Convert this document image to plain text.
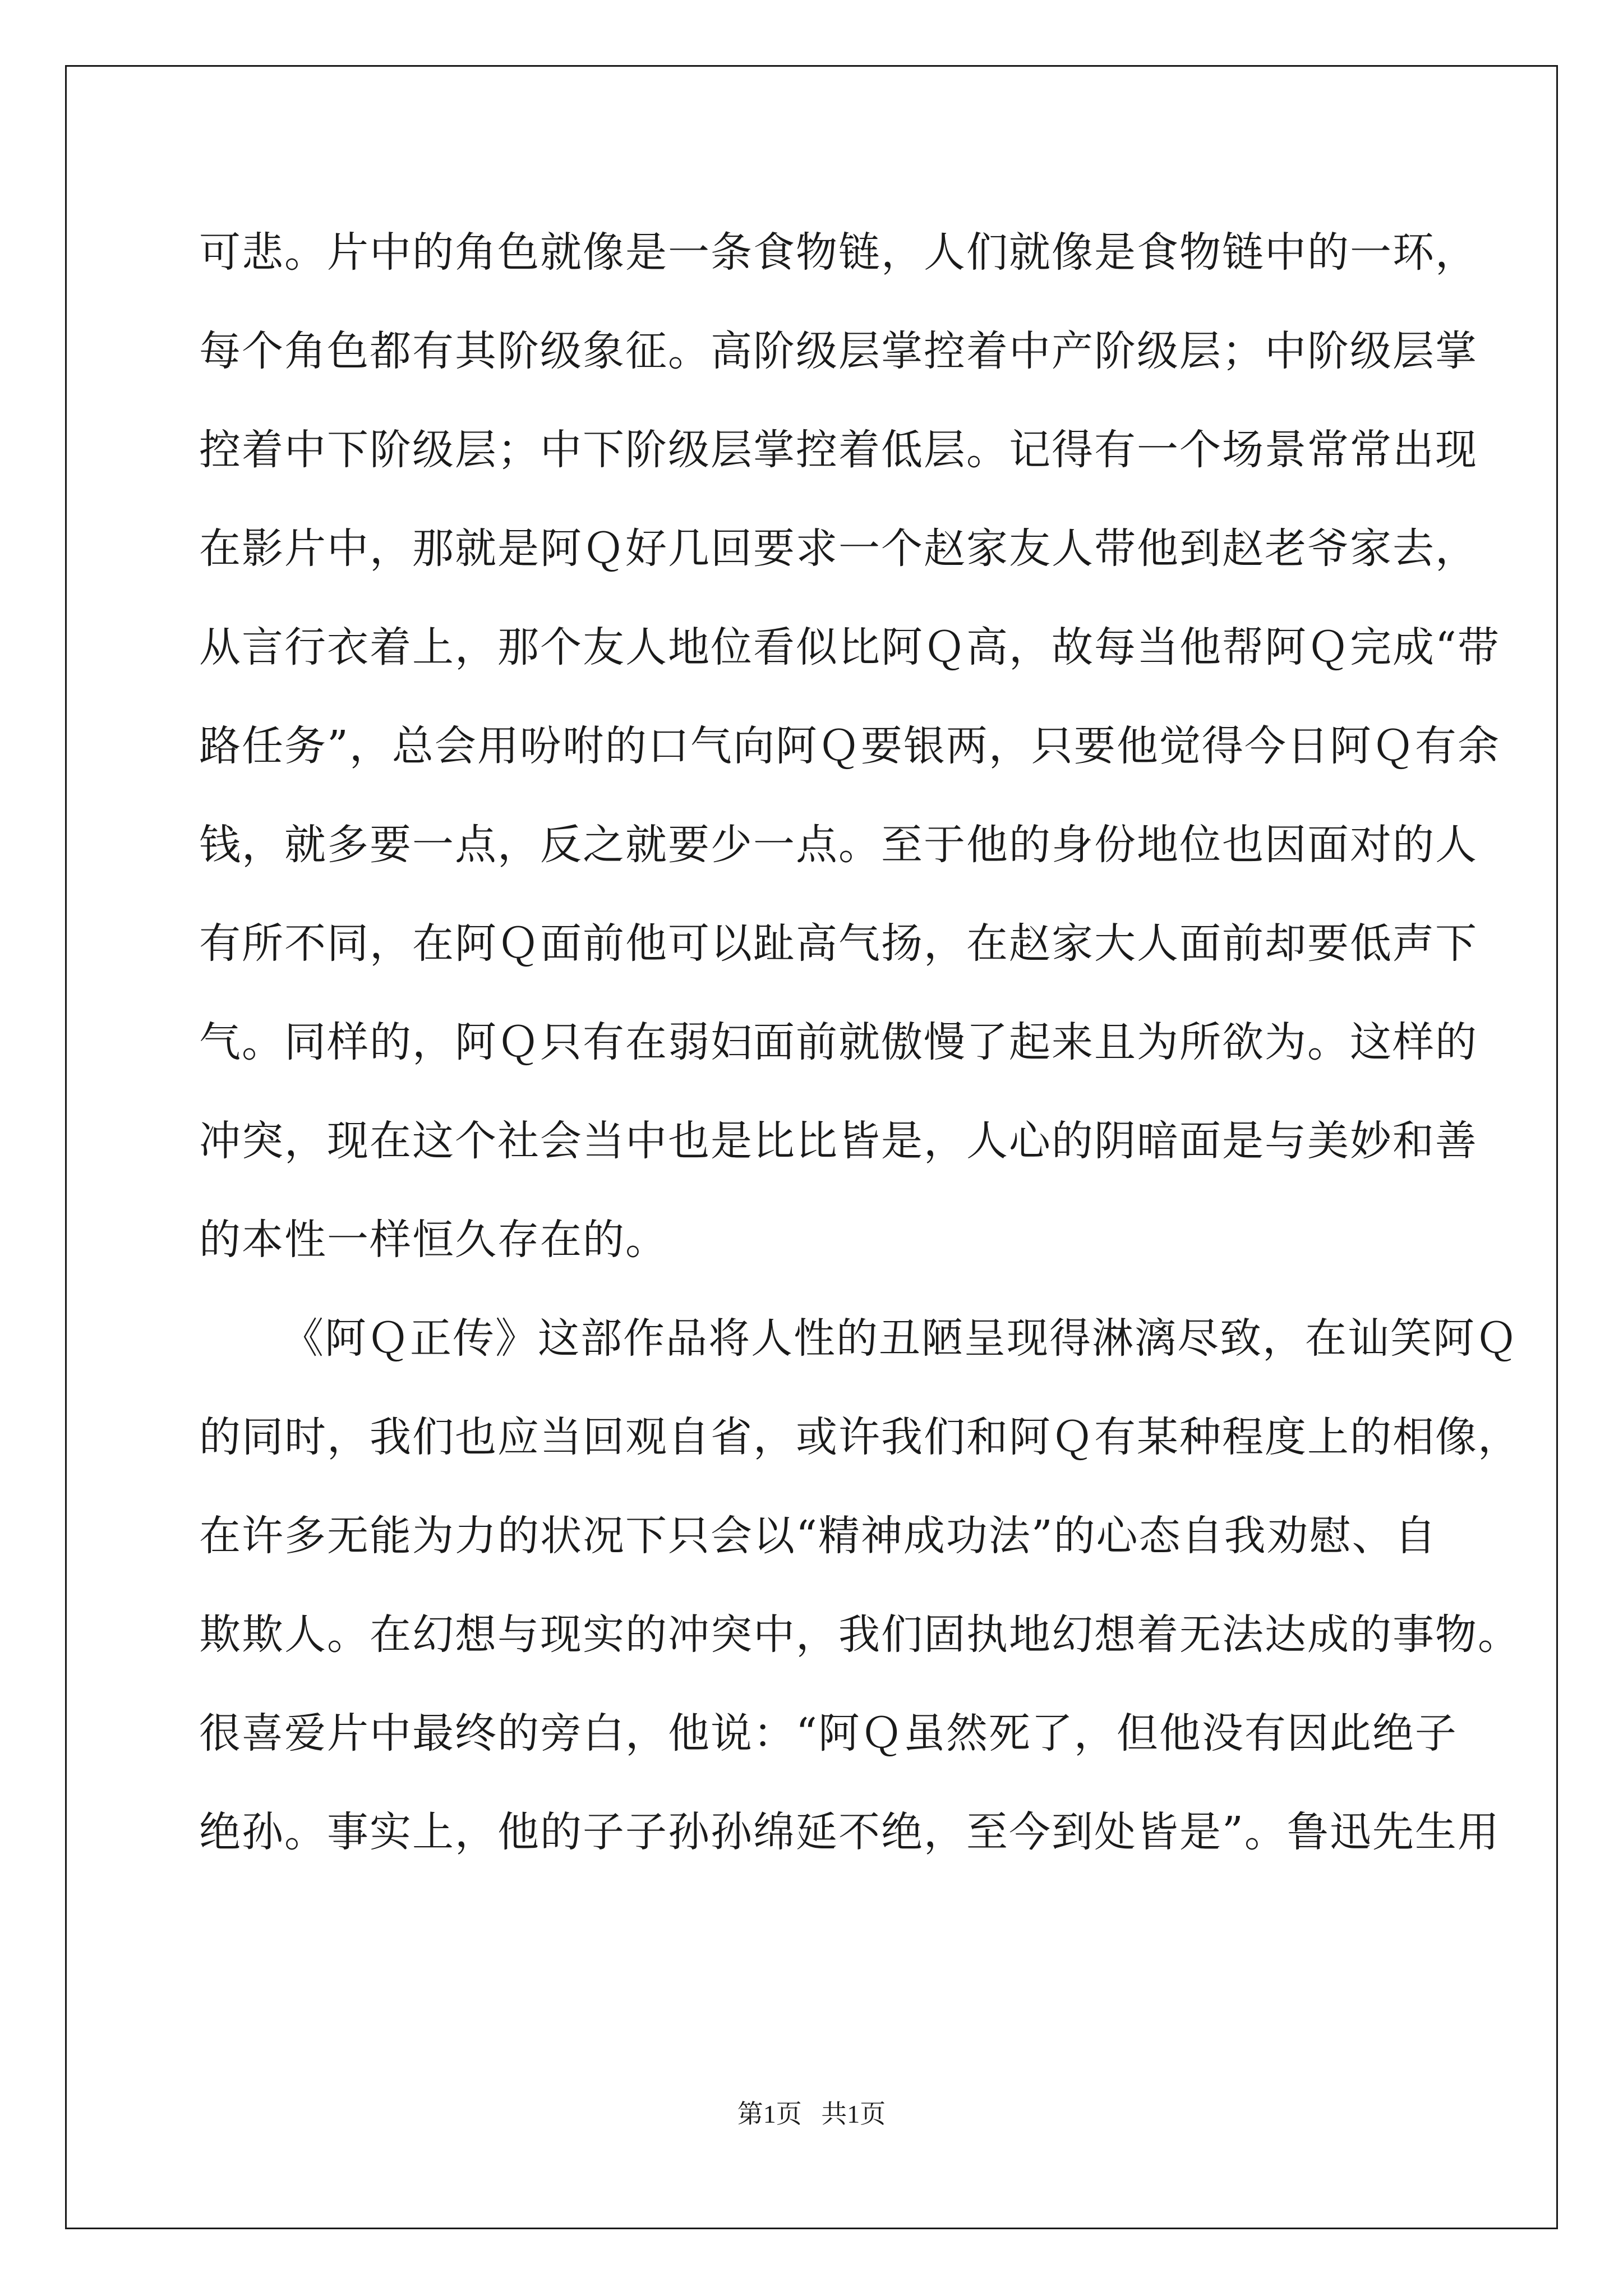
可悲。片中的角色就像是一条食物链，人们就像是食物链中的一环，
每个角色都有其阶级象征。高阶级层掌控着中产阶级层；中阶级层掌
控着中下阶级层；中下阶级层掌控着低层。记得有一个场景常常出现
在影片中，那就是阿Ｑ好几回要求一个赵家友人带他到赵老爷家去，
从言行衣着上，那个友人地位看似比阿Ｑ高，故每当他帮阿Ｑ完成“带
路任务”，总会用吩咐的口气向阿Ｑ要银两，只要他觉得今日阿Ｑ有余
钱，就多要一点，反之就要少一点。至于他的身份地位也因面对的人
有所不同，在阿Ｑ面前他可以趾高气扬，在赵家大人面前却要低声下
气。同样的，阿Ｑ只有在弱妇面前就傲慢了起来且为所欲为。这样的
冲突，现在这个社会当中也是比比皆是，人心的阴暗面是与美妙和善
的本性一样恒久存在的。
《阿Ｑ正传》这部作品将人性的丑陋呈现得淋漓尽致，在讪笑阿Ｑ
的同时，我们也应当回观自省，或许我们和阿Ｑ有某种程度上的相像，
在许多无能为力的状况下只会以“精神成功法”的心态自我劝慰、自
欺欺人。在幻想与现实的冲突中，我们固执地幻想着无法达成的事物。
很喜爱片中最终的旁白，他说：“阿Ｑ虽然死了，但他没有因此绝子
绝孙。事实上，他的子子孙孙绵延不绝，至今到处皆是”。鲁迅先生用
第1页   共1页
